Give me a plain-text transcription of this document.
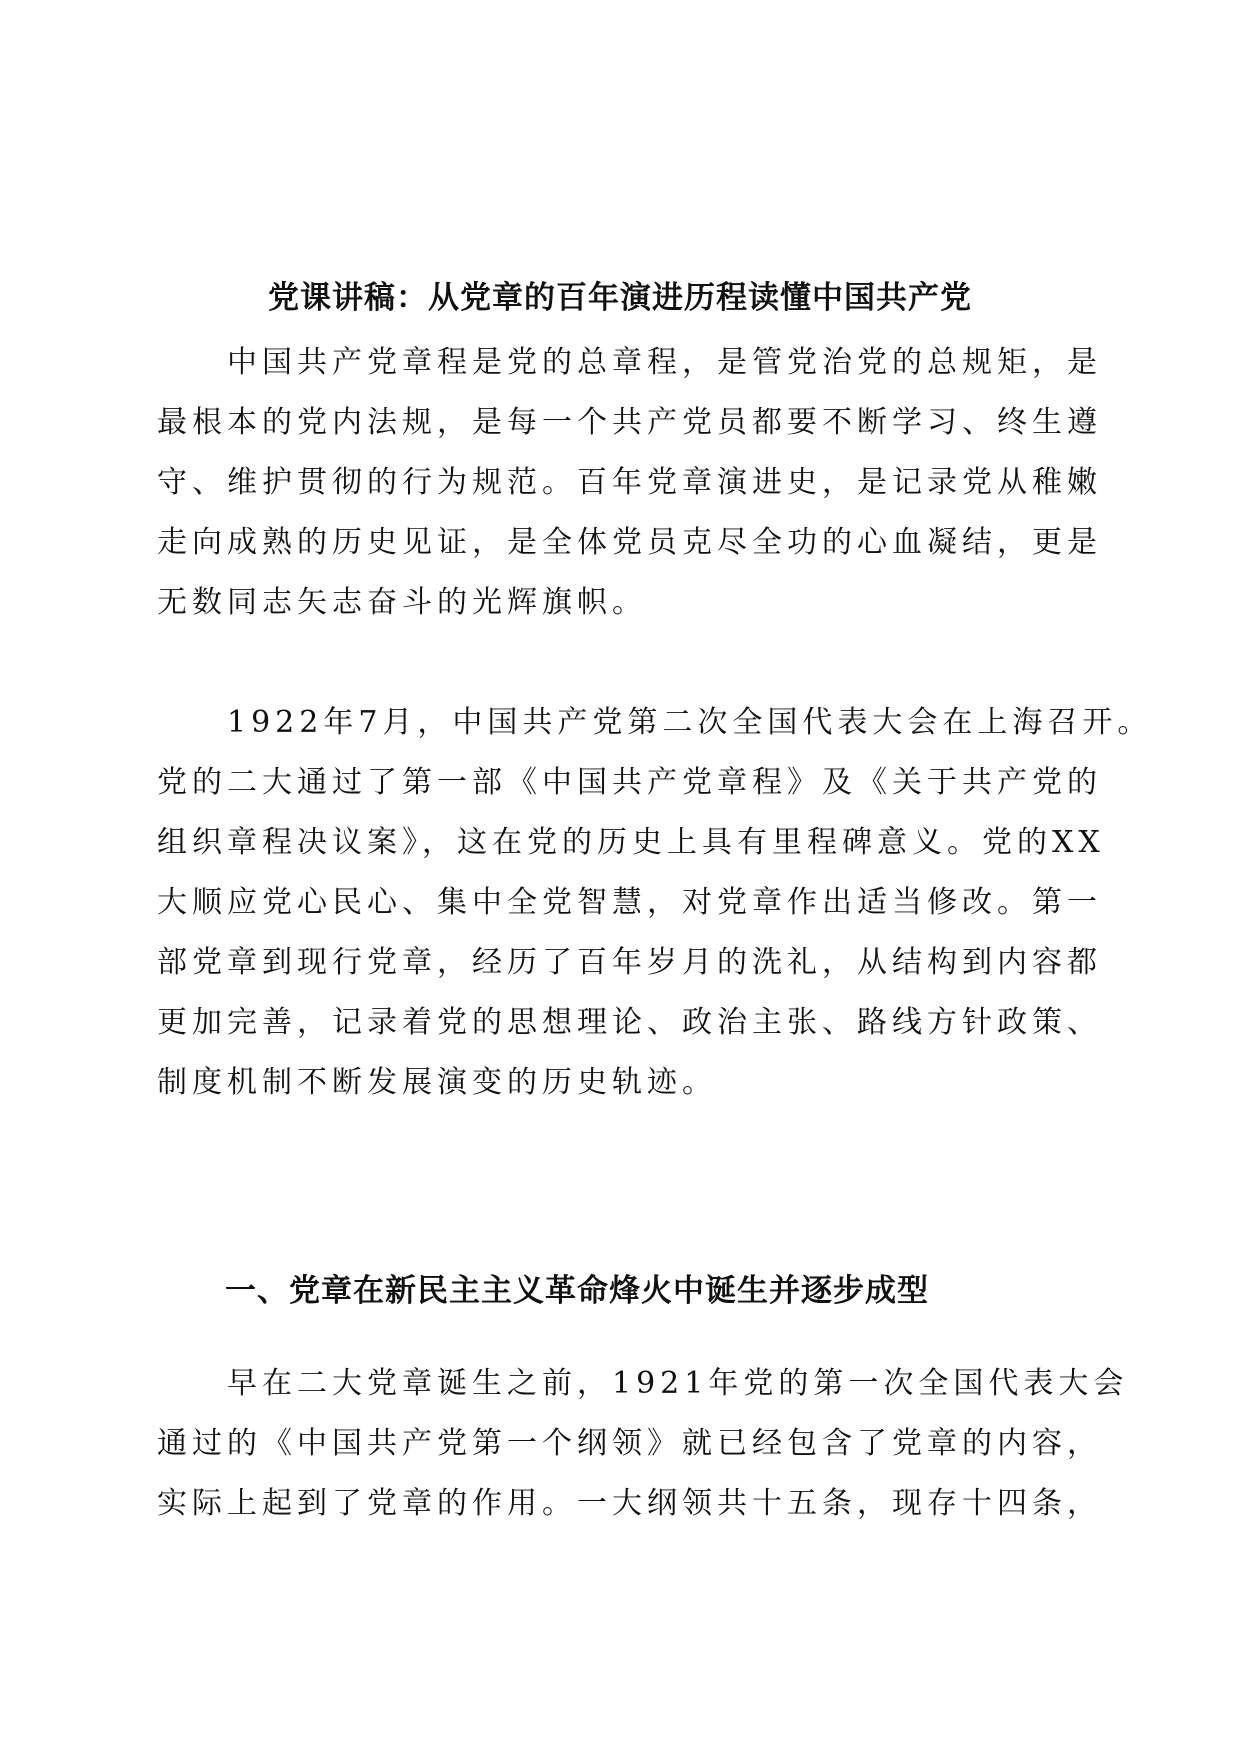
党课讲稿：从党章的百年演进历程读懂中国共产党
中国共产党章程是党的总章程，是管党治党的总规矩，是
最根本的党内法规，是每一个共产党员都要不断学习、终生遵
守、维护贯彻的行为规范。百年党章演进史，是记录党从稚嫩
走向成熟的历史见证，是全体党员克尽全功的心血凝结，更是
无数同志矢志奋斗的光辉旗帜。
1922年7月，中国共产党第二次全国代表大会在上海召开。
党的二大通过了第一部《中国共产党章程》及《关于共产党的
组织章程决议案》，这在党的历史上具有里程碑意义。党的XX
大顺应党心民心、集中全党智慧，对党章作出适当修改。第一
部党章到现行党章，经历了百年岁月的洗礼，从结构到内容都
更加完善，记录着党的思想理论、政治主张、路线方针政策、
制度机制不断发展演变的历史轨迹。
一、党章在新民主主义革命烽火中诞生并逐步成型
早在二大党章诞生之前，1921年党的第一次全国代表大会
通过的《中国共产党第一个纲领》就已经包含了党章的内容，
实际上起到了党章的作用。一大纲领共十五条，现存十四条，
